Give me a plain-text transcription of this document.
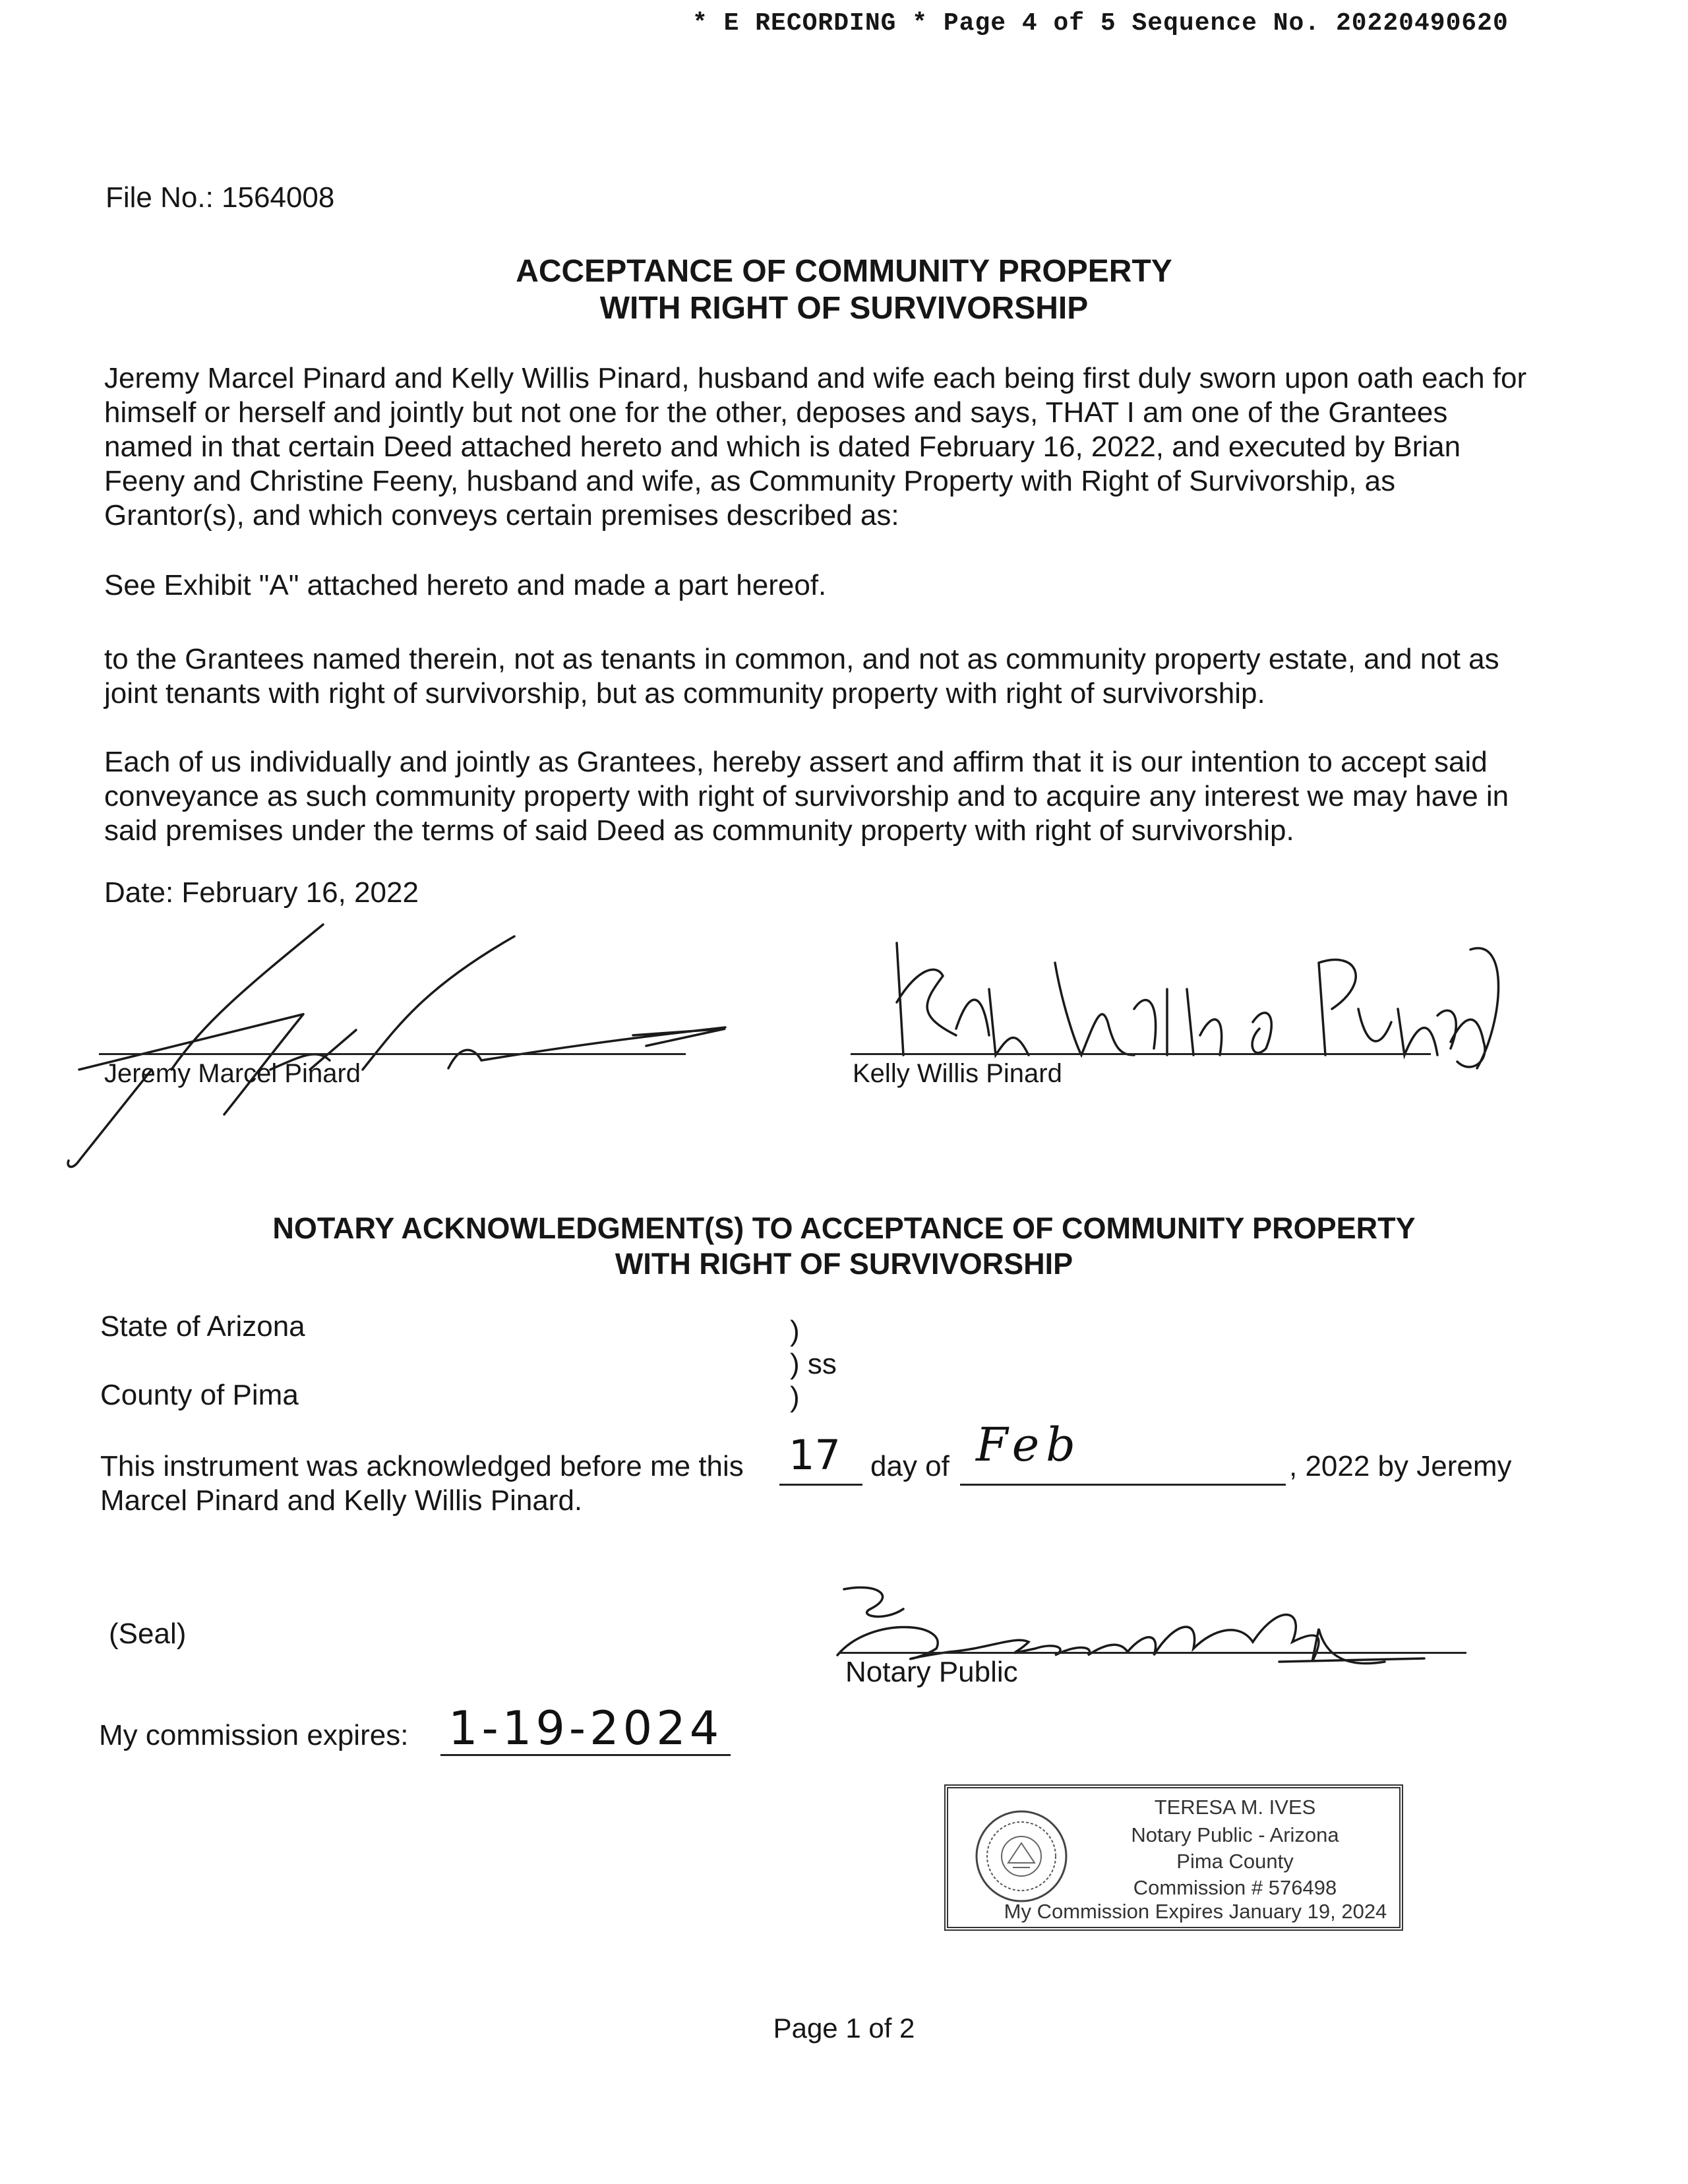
* E RECORDING * Page 4 of 5 Sequence No. 20220490620
File No.: 1564008
ACCEPTANCE OF COMMUNITY PROPERTY
WITH RIGHT OF SURVIVORSHIP
Jeremy Marcel Pinard and Kelly Willis Pinard, husband and wife each being first duly sworn upon oath each for
himself or herself and jointly but not one for the other, deposes and says, THAT I am one of the Grantees
named in that certain Deed attached hereto and which is dated February 16, 2022, and executed by Brian
Feeny and Christine Feeny, husband and wife, as Community Property with Right of Survivorship, as
Grantor(s), and which conveys certain premises described as:
See Exhibit "A" attached hereto and made a part hereof.
to the Grantees named therein, not as tenants in common, and not as community property estate, and not as
joint tenants with right of survivorship, but as community property with right of survivorship.
Each of us individually and jointly as Grantees, hereby assert and affirm that it is our intention to accept said
conveyance as such community property with right of survivorship and to acquire any interest we may have in
said premises under the terms of said Deed as community property with right of survivorship.
Date: February 16, 2022
Jeremy Marcel Pinard	Kelly Willis Pinard
NOTARY ACKNOWLEDGMENT(S) TO ACCEPTANCE OF COMMUNITY PROPERTY
WITH RIGHT OF SURVIVORSHIP
State of Arizona
County of Pima
)
) ss
)
This instrument was acknowledged before me this 17 day of Feb	, 2022 by Jeremy
Marcel Pinard and Kelly Willis Pinard.
(Seal)
Notary Public
My commission expires: 1-19-2024
TERESA M. IVES
Notary Public - Arizona
Pima County
Commission # 576498
My Commission Expires January 19, 2024
Page 1 of 2
